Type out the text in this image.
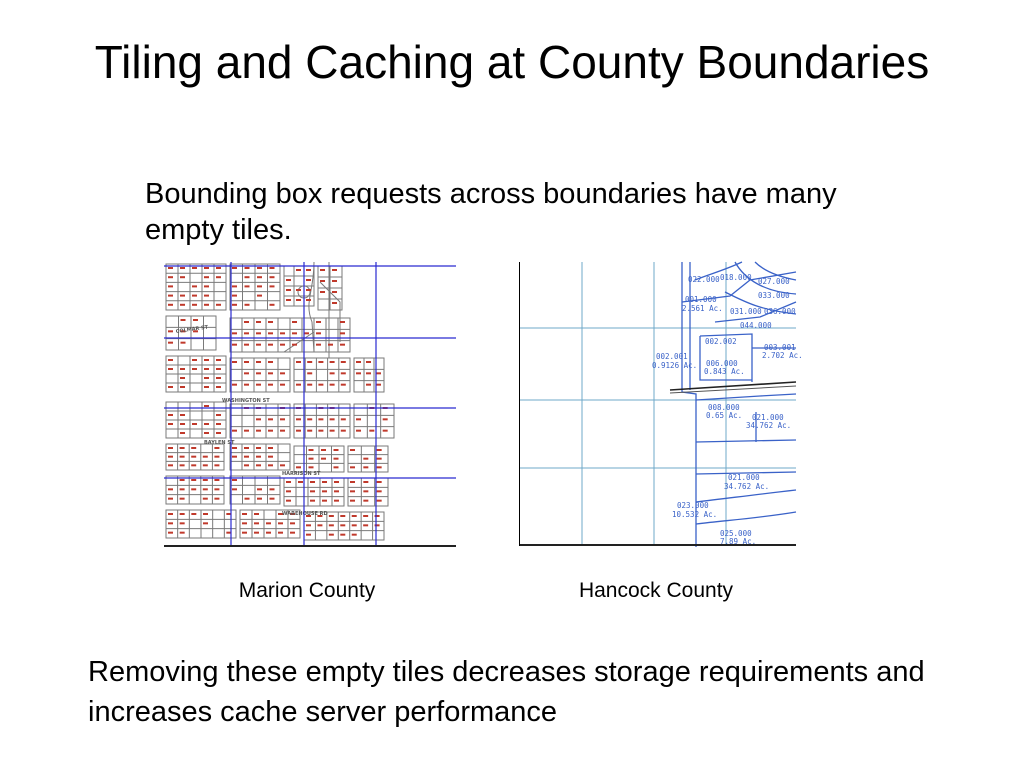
Tiling and Caching at County Boundaries

Bounding box requests across boundaries have many empty tiles.

COLMAR ST
WASHINGTON ST
BAYLEN ST
HARRISON ST
WAREHOUSE RD
018.000
022.000	027.000
033.000
001.000
2.561 Ac. 031.000 036.000
044.000
002.002
003.001
2.702 Ac.
002.001
0.9126 Ac. 006.000
0.843 Ac.
008.000
0.65 Ac. 021.000
34.762 Ac.
021.000
34.762 Ac.
023.000
10.532 Ac.
025.000
7.89 Ac.
Marion County	Hancock County

Removing these empty tiles decreases storage requirements and increases cache server performance
